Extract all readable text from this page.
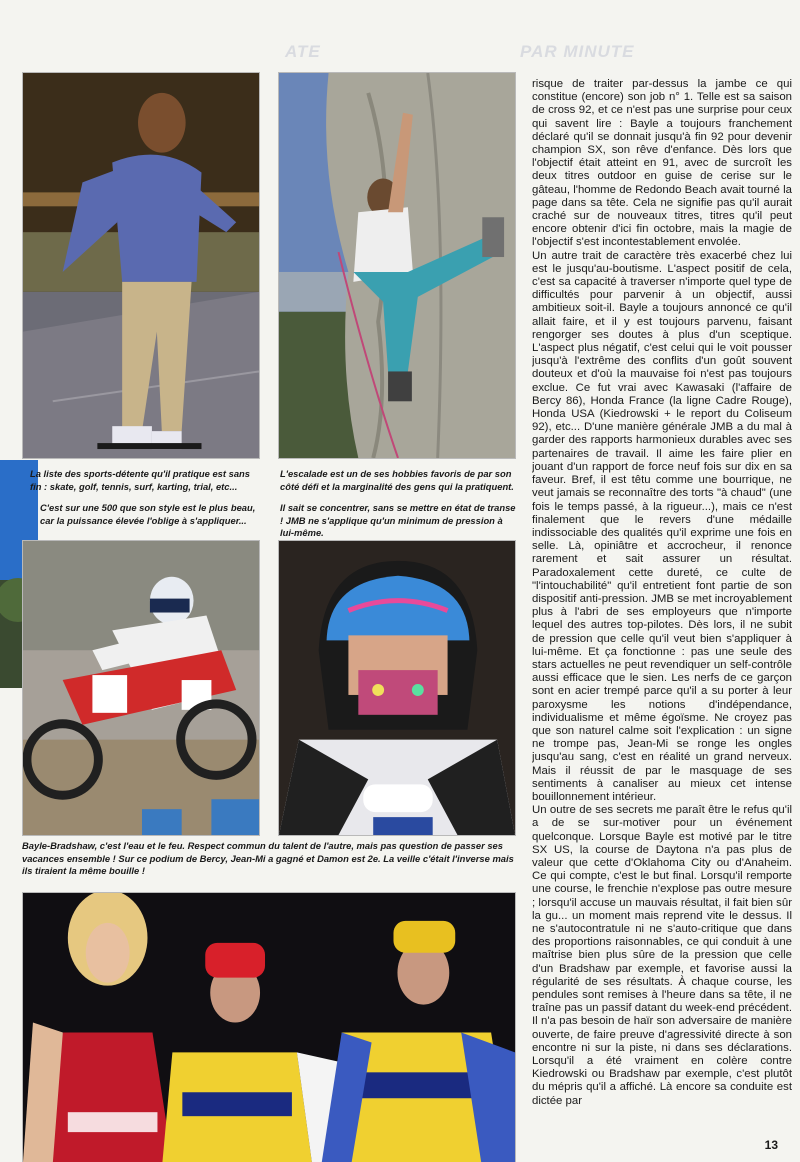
ATE	PAR MINUTE

La liste des sports-détente qu'il pratique est sans fin : skate, golf, tennis, surf, karting, trial, etc...

C'est sur une 500 que son style est le plus beau, car la puissance élevée l'oblige à s'appliquer...

L'escalade est un de ses hobbies favoris de par son côté défi et la marginalité des gens qui la pratiquent.

Il sait se concentrer, sans se mettre en état de transe ! JMB ne s'applique qu'un minimum de pression à lui-même.

Bayle-Bradshaw, c'est l'eau et le feu. Respect commun du talent de l'autre, mais pas question de passer ses vacances ensemble ! Sur ce podium de Bercy, Jean-Mi a gagné et Damon est 2e. La veille c'était l'inverse mais ils tiraient la même bouille !

risque de traiter par-dessus la jambe ce qui constitue (encore) son job n° 1. Telle est sa saison de cross 92, et ce n'est pas une surprise pour ceux qui savent lire : Bayle a toujours franchement déclaré qu'il se donnait jusqu'à fin 92 pour devenir champion SX, son rêve d'enfance. Dès lors que l'objectif était atteint en 91, avec de surcroît les deux titres outdoor en guise de cerise sur le gâteau, l'homme de Redondo Beach avait tourné la page dans sa tête. Cela ne signifie pas qu'il aurait craché sur de nouveaux titres, titres qu'il peut encore obtenir d'ici fin octobre, mais la magie de l'objectif s'est incontestablement envolée.

Un autre trait de caractère très exacerbé chez lui est le jusqu'au-boutisme. L'aspect positif de cela, c'est sa capacité à traverser n'importe quel type de difficultés pour parvenir à un objectif, aussi ambitieux soit-il. Bayle a toujours annoncé ce qu'il allait faire, et il y est toujours parvenu, faisant rengorger ses doutes à plus d'un sceptique. L'aspect plus négatif, c'est celui qui le voit pousser jusqu'à l'extrême des conflits d'un goût souvent douteux et d'où la mauvaise foi n'est pas toujours exclue. Ce fut vrai avec Kawasaki (l'affaire de Bercy 86), Honda France (la ligne Cadre Rouge), Honda USA (Kiedrowski + le report du Coliseum 92), etc... D'une manière générale JMB a du mal à garder des rapports harmonieux durables avec ses partenaires de travail. Il aime les faire plier en jouant d'un rapport de force neuf fois sur dix en sa faveur. Bref, il est têtu comme une bourrique, ne veut jamais se reconnaître des torts "à chaud" (une fois le temps passé, à la rigueur...), mais ce n'est finalement que le revers d'une médaille indissociable des qualités qu'il exprime une fois en selle. Là, opiniâtre et accrocheur, il renonce rarement et sait assurer un résultat. Paradoxalement cette dureté, ce culte de "l'intouchabilité" qu'il entretient font partie de son dispositif anti-pression. JMB se met incroyablement plus à l'abri de ses employeurs que n'importe lequel des autres top-pilotes. Dès lors, il ne subit de pression que celle qu'il veut bien s'appliquer à lui-même. Et ça fonctionne : pas une seule des stars actuelles ne peut revendiquer un self-contrôle aussi efficace que le sien. Les nerfs de ce garçon sont en acier trempé parce qu'il a su porter à leur paroxysme les notions d'indépendance, individualisme et même égoïsme. Ne croyez pas que son naturel calme soit l'explication : un signe ne trompe pas, Jean-Mi se ronge les ongles jusqu'au sang, c'est en réalité un grand nerveux. Mais il réussit de par le masquage de ses sentiments à canaliser au mieux cet intense bouillonnement intérieur.

Un outre de ses secrets me paraît être le refus qu'il a de se sur-motiver pour un événement quelconque. Lorsque Bayle est motivé par le titre SX US, la course de Daytona n'a pas plus de valeur que cette d'Oklahoma City ou d'Anaheim. Ce qui compte, c'est le but final. Lorsqu'il remporte une course, le frenchie n'explose pas outre mesure ; lorsqu'il accuse un mauvais résultat, il fait bien sûr la gu... un moment mais reprend vite le dessus. Il ne s'autocontratule ni ne s'auto-critique que dans des proportions raisonnables, ce qui conduit à une maîtrise bien plus sûre de la pression que celle d'un Bradshaw par exemple, et favorise aussi la régularité de ses résultats. À chaque course, les pendules sont remises à l'heure dans sa tête, il ne traîne pas un passif datant du week-end précédent. Il n'a pas besoin de haïr son adversaire de manière ouverte, de faire preuve d'agressivité directe à son encontre ni sur la piste, ni dans ses déclarations. Lorsqu'il a été vraiment en colère contre Kiedrowski ou Bradshaw par exemple, c'est plutôt du mépris qu'il a affiché. Là encore sa conduite est dictée par

13
